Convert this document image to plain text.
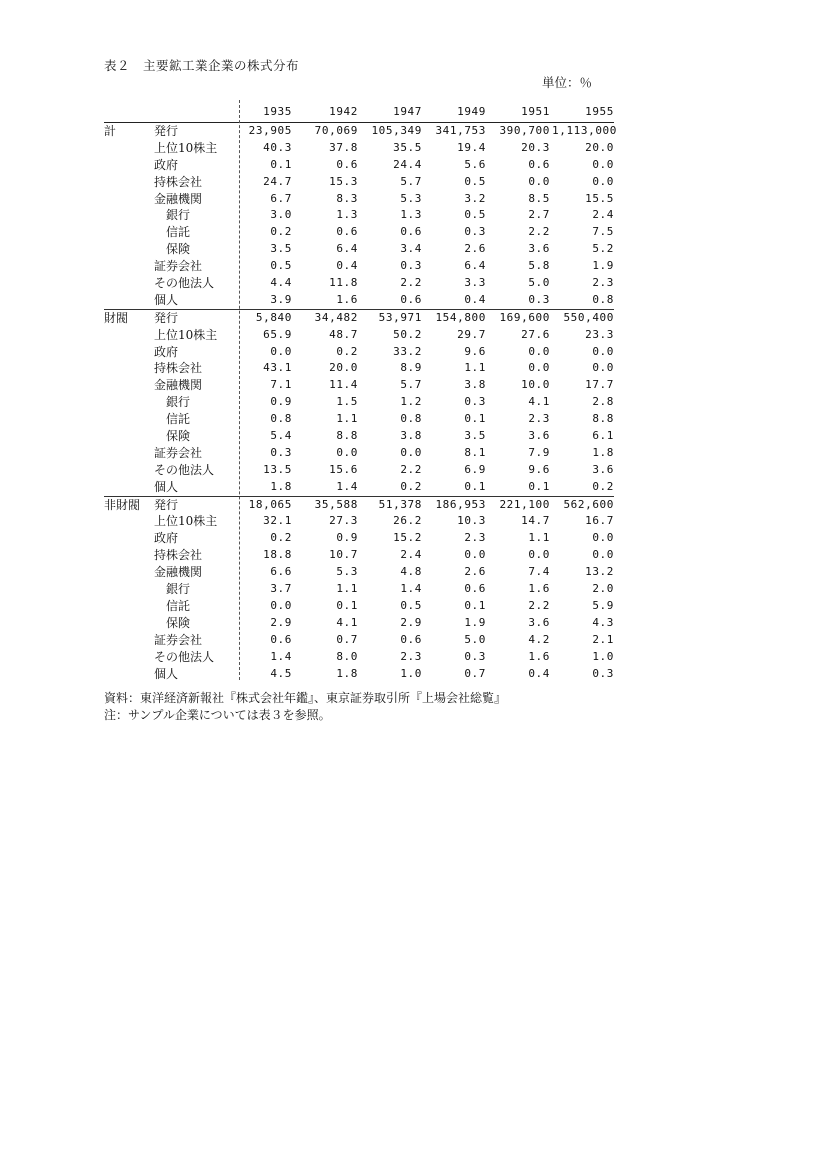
表２　主要鉱工業企業の株式分布
単位：％
1935	1942	1947	1949	1951	1955
計	発行	23,905	70,069	105,349	341,753	390,700 1,113,000
上位10株主	40.3	37.8	35.5	19.4	20.3	20.0
政府	0.1	0.6	24.4	5.6	0.6	0.0
持株会社	24.7	15.3	5.7	0.5	0.0	0.0
金融機関	6.7	8.3	5.3	3.2	8.5	15.5
銀行	3.0	1.3	1.3	0.5	2.7	2.4
信託	0.2	0.6	0.6	0.3	2.2	7.5
保険	3.5	6.4	3.4	2.6	3.6	5.2
証券会社	0.5	0.4	0.3	6.4	5.8	1.9
その他法人	4.4	11.8	2.2	3.3	5.0	2.3
個人	3.9	1.6	0.6	0.4	0.3	0.8
財閥 発行	5,840	34,482	53,971	154,800	169,600	550,400
上位10株主	65.9	48.7	50.2	29.7	27.6	23.3
政府	0.0	0.2	33.2	9.6	0.0	0.0
持株会社	43.1	20.0	8.9	1.1	0.0	0.0
金融機関	7.1	11.4	5.7	3.8	10.0	17.7
銀行	0.9	1.5	1.2	0.3	4.1	2.8
信託	0.8	1.1	0.8	0.1	2.3	8.8
保険	5.4	8.8	3.8	3.5	3.6	6.1
証券会社	0.3	0.0	0.0	8.1	7.9	1.8
その他法人	13.5	15.6	2.2	6.9	9.6	3.6
個人	1.8	1.4	0.2	0.1	0.1	0.2
非財閥 発行	18,065	35,588	51,378	186,953	221,100	562,600
上位10株主	32.1	27.3	26.2	10.3	14.7	16.7
政府	0.2	0.9	15.2	2.3	1.1	0.0
持株会社	18.8	10.7	2.4	0.0	0.0	0.0
金融機関	6.6	5.3	4.8	2.6	7.4	13.2
銀行	3.7	1.1	1.4	0.6	1.6	2.0
信託	0.0	0.1	0.5	0.1	2.2	5.9
保険	2.9	4.1	2.9	1.9	3.6	4.3
証券会社	0.6	0.7	0.6	5.0	4.2	2.1
その他法人	1.4	8.0	2.3	0.3	1.6	1.0
個人	4.5	1.8	1.0	0.7	0.4	0.3
資料：東洋経済新報社『株式会社年鑑』、東京証券取引所『上場会社総覧』
注：サンプル企業については表３を参照。
